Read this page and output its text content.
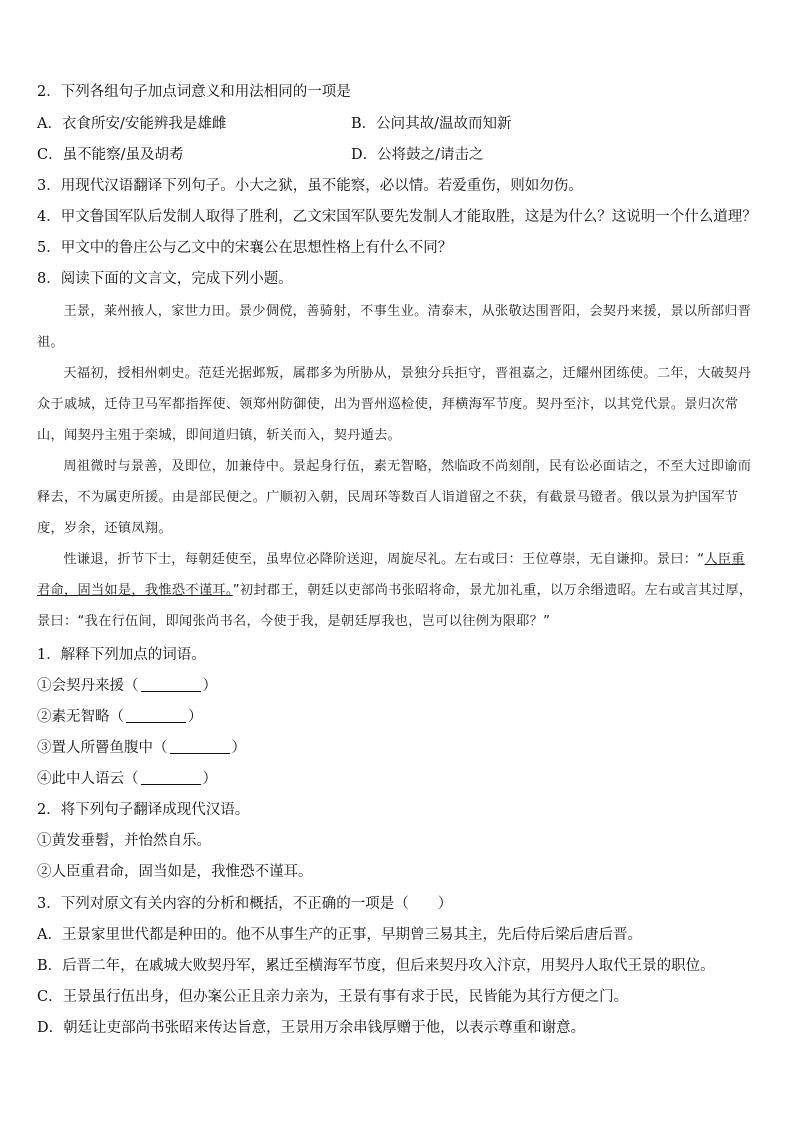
2．下列各组句子加点词意义和用法相同的一项是
A．衣食所安/安能辨我是雄雌	B．公问其故/温故而知新
C．虽不能察/虽及胡耇	D．公将鼓之/请击之
3．用现代汉语翻译下列句子。小大之狱，虽不能察，必以情。若爱重伤，则如勿伤。
4．甲文鲁国军队后发制人取得了胜利，乙文宋国军队要先发制人才能取胜，这是为什么？这说明一个什么道理？
5．甲文中的鲁庄公与乙文中的宋襄公在思想性格上有什么不同？
8．阅读下面的文言文，完成下列小题。

王景，莱州掖人，家世力田。景少倜傥，善骑射，不事生业。清泰末，从张敬达围晋阳，会契丹来援，景以所部归晋祖。

天福初，授相州刺史。范廷光据邺叛，属郡多为所胁从，景独分兵拒守，晋祖嘉之，迁耀州团练使。二年，大破契丹众于戚城，迁侍卫马军都指挥使、领郑州防御使，出为晋州巡检使，拜横海军节度。契丹至汴，以其党代景。景归次常山，闻契丹主殂于栾城，即间道归镇，斩关而入，契丹遁去。

周祖微时与景善，及即位，加兼侍中。景起身行伍，素无智略，然临政不尚刻削，民有讼必面诘之，不至大过即谕而释去，不为属吏所援。由是部民便之。广顺初入朝，民周环等数百人诣道留之不获，有截景马镫者。俄以景为护国军节度，岁余，还镇凤翔。

性谦退，折节下士，每朝廷使至，虽卑位必降阶送迎，周旋尽礼。左右或曰：王位尊崇，无自谦抑。景曰：“人臣重君命，固当如是，我惟恐不谨耳。”初封郡王，朝廷以吏部尚书张昭将命，景尤加礼重，以万余缗遗昭。左右或言其过厚，景曰：“我在行伍间，即闻张尚书名，今使于我，是朝廷厚我也，岂可以往例为限耶？”

1．解释下列加点的词语。
①会契丹来援（	）
②素无智略（	）
③置人所罾鱼腹中（	）
④此中人语云（	）
2．将下列句子翻译成现代汉语。
①黄发垂髫，并怡然自乐。
②人臣重君命，固当如是，我惟恐不谨耳。
3．下列对原文有关内容的分析和概括，不正确的一项是（　　）
A．王景家里世代都是种田的。他不从事生产的正事，早期曾三易其主，先后侍后梁后唐后晋。
B．后晋二年，在戚城大败契丹军，累迁至横海军节度，但后来契丹攻入汴京，用契丹人取代王景的职位。
C．王景虽行伍出身，但办案公正且亲力亲为，王景有事有求于民，民皆能为其行方便之门。
D．朝廷让吏部尚书张昭来传达旨意，王景用万余串钱厚赠于他，以表示尊重和谢意。
